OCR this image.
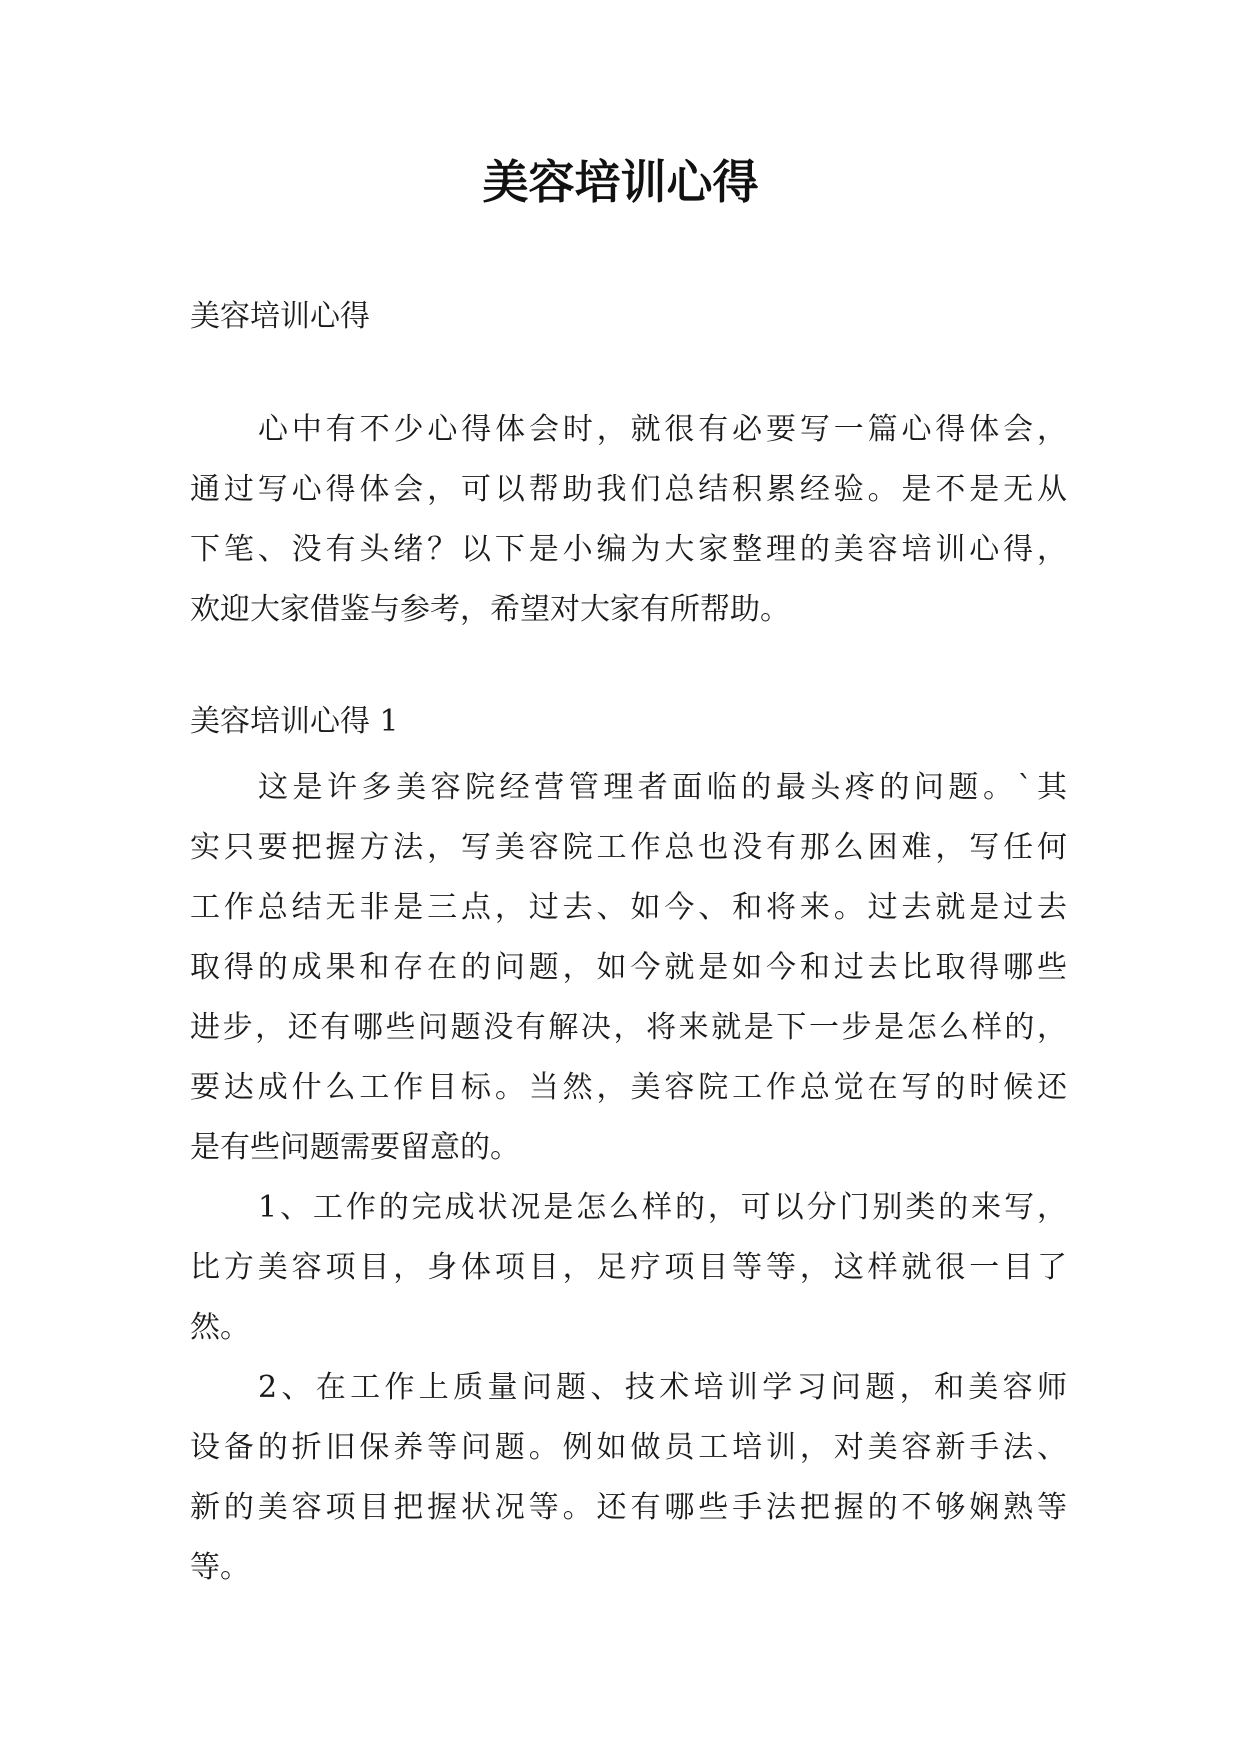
美容培训心得

美容培训心得

心中有不少心得体会时，就很有必要写一篇心得体会，

通过写心得体会，可以帮助我们总结积累经验。是不是无从

下笔、没有头绪？以下是小编为大家整理的美容培训心得，

欢迎大家借鉴与参考，希望对大家有所帮助。

美容培训心得 1

这是许多美容院经营管理者面临的最头疼的问题。`其

实只要把握方法，写美容院工作总也没有那么困难，写任何

工作总结无非是三点，过去、如今、和将来。过去就是过去

取得的成果和存在的问题，如今就是如今和过去比取得哪些

进步，还有哪些问题没有解决，将来就是下一步是怎么样的，

要达成什么工作目标。当然，美容院工作总觉在写的时候还

是有些问题需要留意的。

1、工作的完成状况是怎么样的，可以分门别类的来写，

比方美容项目，身体项目，足疗项目等等，这样就很一目了

然。

2、在工作上质量问题、技术培训学习问题，和美容师

设备的折旧保养等问题。例如做员工培训，对美容新手法、

新的美容项目把握状况等。还有哪些手法把握的不够娴熟等

等。
